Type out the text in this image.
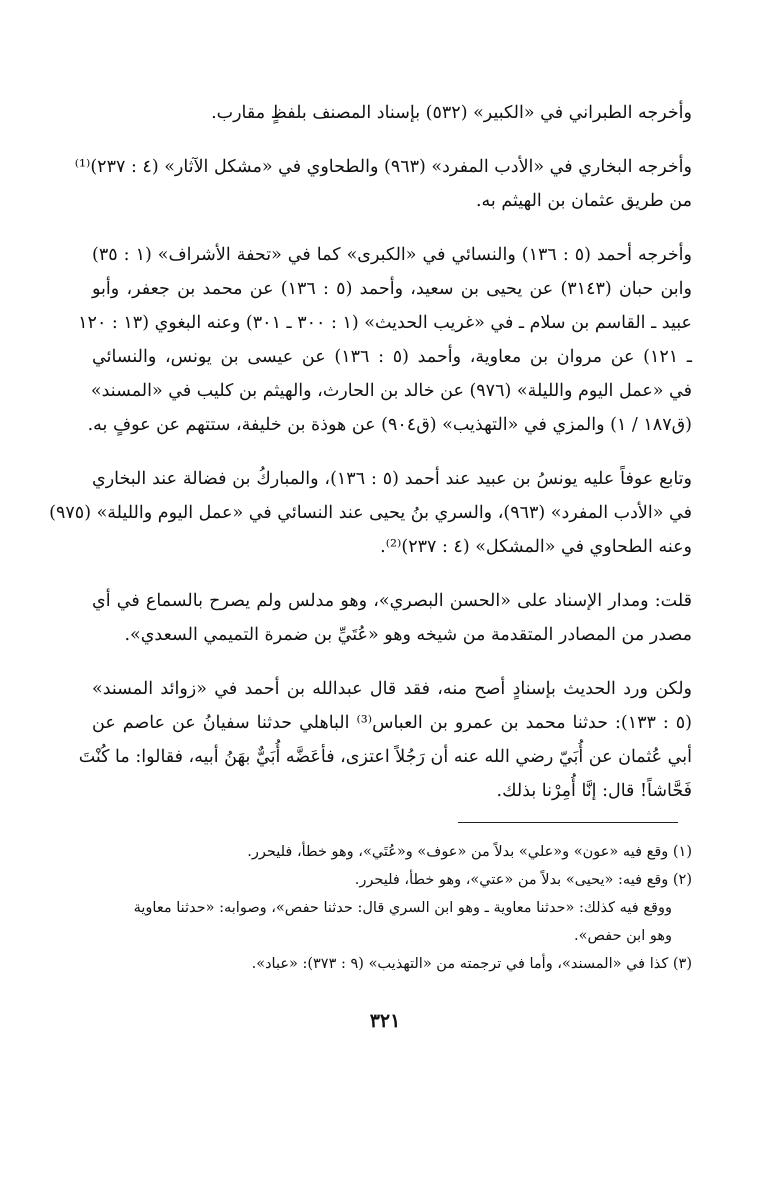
وأخرجه الطبراني في «الكبير» (٥٣٢) بإسناد المصنف بلفظٍ مقارب.
وأخرجه البخاري في «الأدب المفرد» (٩٦٣) والطحاوي في «مشكل الآثار» (٤ : ٢٣٧)⁽¹⁾
من طريق عثمان بن الهيثم به.
وأخرجه أحمد (٥ : ١٣٦) والنسائي في «الكبرى» كما في «تحفة الأشراف» (١ : ٣٥)
وابن حبان (٣١٤٣) عن يحيى بن سعيد، وأحمد (٥ : ١٣٦) عن محمد بن جعفر، وأبو
عبيد ـ القاسم بن سلام ـ في «غريب الحديث» (١ : ٣٠٠ ـ ٣٠١) وعنه البغوي (١٣ : ١٢٠
ـ ١٢١) عن مروان بن معاوية، وأحمد (٥ : ١٣٦) عن عيسى بن يونس، والنسائي
في «عمل اليوم والليلة» (٩٧٦) عن خالد بن الحارث، والهيثم بن كليب في «المسند»
(ق١٨٧ / ١) والمزي في «التهذيب» (ق٩٠٤) عن هوذة بن خليفة، ستتهم عن عوفٍ به.
وتابع عوفاً عليه يونسُ بن عبيد عند أحمد (٥ : ١٣٦)، والمباركُ بن فضالة عند البخاري
في «الأدب المفرد» (٩٦٣)، والسري بنُ يحيى عند النسائي في «عمل اليوم والليلة» (٩٧٥)
وعنه الطحاوي في «المشكل» (٤ : ٢٣٧)⁽²⁾.
قلت: ومدار الإسناد على «الحسن البصري»، وهو مدلس ولم يصرح بالسماع في أي
مصدر من المصادر المتقدمة من شيخه وهو «عُتَيِّ بن ضمرة التميمي السعدي».
ولكن ورد الحديث بإسنادٍ أصح منه، فقد قال عبدالله بن أحمد في «زوائد المسند»
(٥ : ١٣٣): حدثنا محمد بن عمرو بن العباس⁽³⁾ الباهلي حدثنا سفيانُ عن عاصم عن
أبي عُثمان عن أُبَيّ رضي الله عنه أن رَجُلاً اعتزى، فأعَضَّه أُبَيٌّ بهَنُ أبيه، فقالوا: ما كُنْتَ
فَحَّاشاً! قال: إنَّا أُمِرْنا بذلك.
(١) وقع فيه «عون» و«علي» بدلاً من «عوف» و«عُتَي»، وهو خطأ، فليحرر.
(٢) وقع فيه: «يحيى» بدلاً من «عتي»، وهو خطأ، فليحرر.
ووقع فيه كذلك: «حدثنا معاوية ـ وهو ابن السري قال: حدثنا حفص»، وصوابه: «حدثنا معاوية
وهو ابن حفص».
(٣) كذا في «المسند»، وأما في ترجمته من «التهذيب» (٩ : ٣٧٣): «عباد».
٣٢١
